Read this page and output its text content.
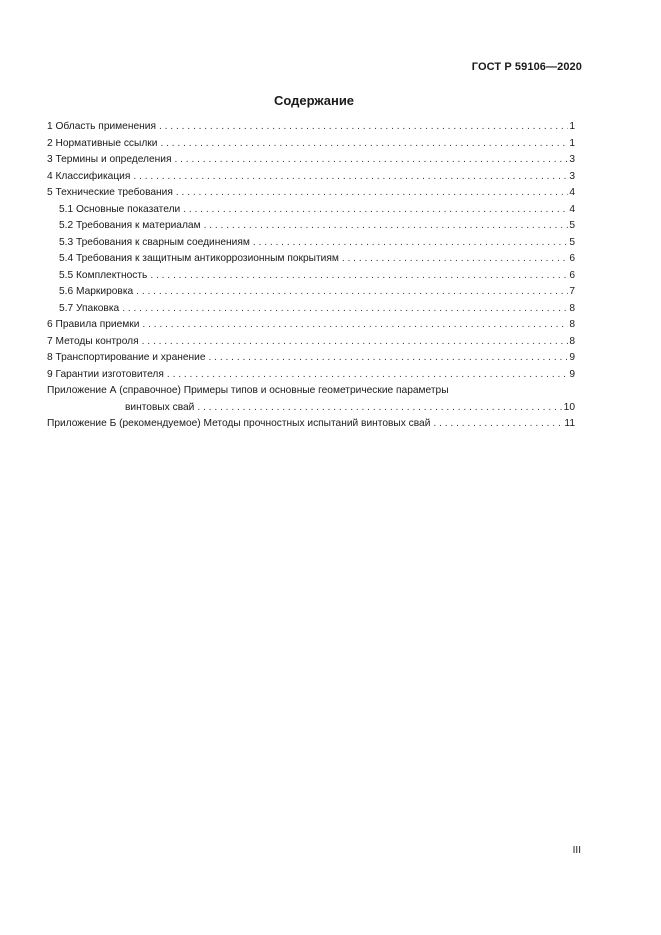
ГОСТ Р 59106—2020
Содержание
1 Область применения . . .	1
2 Нормативные ссылки . . .	1
3 Термины и определения . . .	3
4 Классификация . . .	3
5 Технические требования . . .	4
5.1 Основные показатели . . .	4
5.2 Требования к материалам . . .	5
5.3 Требования к сварным соединениям . . .	5
5.4 Требования к защитным антикоррозионным покрытиям . . .	6
5.5 Комплектность . . .	6
5.6 Маркировка . . .	7
5.7 Упаковка . . .	8
6 Правила приемки . . .	8
7 Методы контроля . . .	8
8 Транспортирование и хранение . . .	9
9 Гарантии изготовителя . . .	9
Приложение А (справочное) Примеры типов и основные геометрические параметры
винтовых свай . . .	10
Приложение Б (рекомендуемое) Методы прочностных испытаний винтовых свай . . .	11
III
